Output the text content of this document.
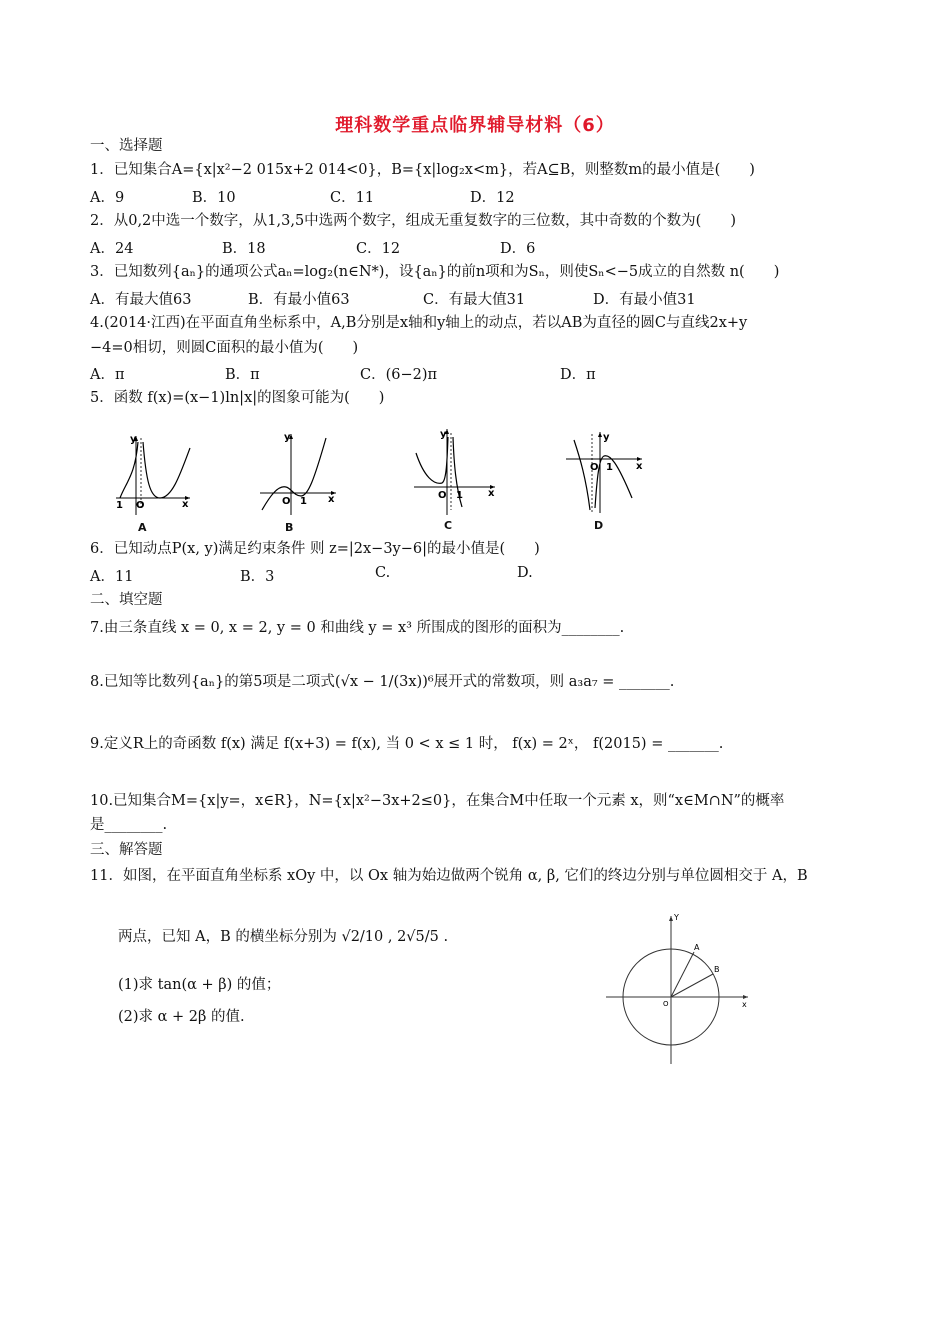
理科数学重点临界辅导材料（6）
一、选择题
1．已知集合A={x|x²−2 015x+2 014<0}，B={x|log₂x<m}，若A⊆B，则整数m的最小值是(　　)
A．9	B．10	C．11	D．12
2．从0,2中选一个数字，从1,3,5中选两个数字，组成无重复数字的三位数，其中奇数的个数为(　　)
A．24	B．18	C．12	D．6
3．已知数列{aₙ}的通项公式aₙ=log₂(n∈N*)，设{aₙ}的前n项和为Sₙ，则使Sₙ<−5成立的自然数 n(　　)
A．有最大值63	B．有最小值63	C．有最大值31	D．有最小值31
4.(2014·江西)在平面直角坐标系中，A,B分别是x轴和y轴上的动点，若以AB为直径的圆C与直线2x+y
−4=0相切，则圆C面积的最小值为(　　)
A．π	B．π	C．(6−2)π	D．π
5．函数 f(x)=(x−1)ln|x|的图象可能为(　　)
y
x
O
1
A
y
x
O 1
B
y
x
O 1
C
y
x
O 1
D
6．已知动点P(x, y)满足约束条件 则 z=|2x−3y−6|的最小值是(　　)
A．11	B．3	C.	D.
二、填空题
7.由三条直线 x = 0, x = 2, y = 0 和曲线 y = x³ 所围成的图形的面积为________.
8.已知等比数列{aₙ}的第5项是二项式(√x − 1/(3x))⁶展开式的常数项，则 a₃a₇ = _______.
9.定义R上的奇函数 f(x) 满足 f(x+3) = f(x), 当 0 < x ≤ 1 时， f(x) = 2ˣ， f(2015) = _______.
10.已知集合M={x|y=，x∈R}，N={x|x²−3x+2≤0}，在集合M中任取一个元素 x，则“x∈M∩N”的概率
是________.
三、解答题
11．如图，在平面直角坐标系 xOy 中，以 Ox 轴为始边做两个锐角 α, β, 它们的终边分别与单位圆相交于 A，B
两点，已知 A，B 的横坐标分别为 √2/10 , 2√5/5 .
(1)求 tan(α + β) 的值；
(2)求 α + 2β 的值.
A
B
x
Y
O
